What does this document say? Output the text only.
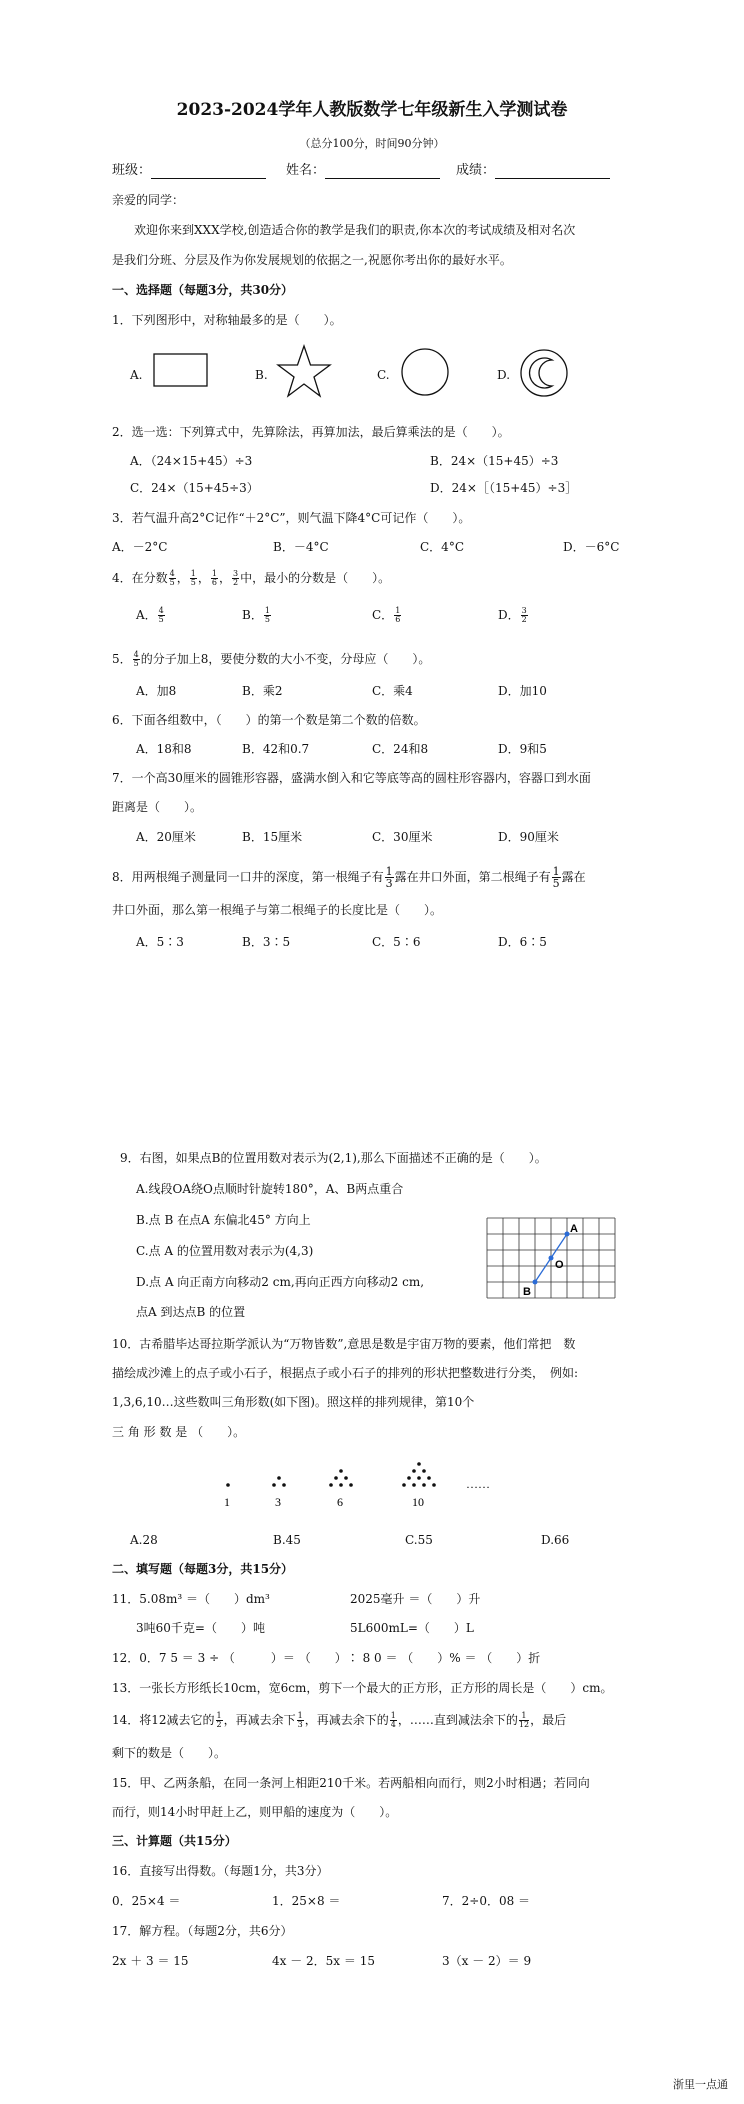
2023-2024学年人教版数学七年级新生入学测试卷
（总分100分，时间90分钟）
班级：	姓名：	成绩：
亲爱的同学：
欢迎你来到XXX学校,创造适合你的教学是我们的职责,你本次的考试成绩及相对名次
是我们分班、分层及作为你发展规划的依据之一,祝愿你考出你的最好水平。
一、选择题（每题3分，共30分）
1．下列图形中，对称轴最多的是（　　）。
A.	B.	C.	D.
2．选一选：下列算式中，先算除法，再算加法，最后算乘法的是（　　）。
A．（24×15+45）÷3	B．24×（15+45）÷3
C．24×（15+45÷3）	D．24×［（15+45）÷3］
3．若气温升高2°C记作“＋2°C”，则气温下降4°C可记作（　　）。
A．－2°C	B．－4°C	C．4°C	D．－6°C
4．在分数 $\frac{4}{5}$ ， $\frac{1}{5}$ ， $\frac{1}{6}$ ， $\frac{3}{2}$ 中，最小的分数是（　　）。
A． $\frac{4}{5}$	B． $\frac{1}{5}$	C． $\frac{1}{6}$	D． $\frac{3}{2}$
5． $\frac{4}{5}$ 的分子加上8，要使分数的大小不变，分母应（　　）。
A．加8	B．乘2	C．乘4	D．加10
6．下面各组数中，（　　）的第一个数是第二个数的倍数。
A．18和8	B．42和0.7	C．24和8	D．9和5
7．一个高30厘米的圆锥形容器，盛满水倒入和它等底等高的圆柱形容器内，容器口到水面
距离是（　　）。
A．20厘米	B．15厘米	C．30厘米	D．90厘米
8．用两根绳子测量同一口井的深度，第一根绳子有 $\frac{1}{3}$ 露在井口外面，第二根绳子有 $\frac{1}{5}$ 露在
井口外面，那么第一根绳子与第二根绳子的长度比是（　　）。
A．5∶3	B．3∶5	C．5∶6	D．6∶5
9．右图，如果点B的位置用数对表示为(2,1),那么下面描述不正确的是（　　）。
A.线段OA绕O点顺时针旋转180°，A、B两点重合
B.点 B 在点A 东偏北45° 方向上
C.点 A 的位置用数对表示为(4,3)
D.点 A 向正南方向移动2 cm,再向正西方向移动2 cm,
点A 到达点B 的位置
A
O
B
10．古希腊毕达哥拉斯学派认为“万物皆数”,意思是数是宇宙万物的要素，他们常把　数
描绘成沙滩上的点子或小石子，根据点子或小石子的排列的形状把整数进行分类，　例如:
1,3,6,10…这些数叫三角形数(如下图)。照这样的排列规律，第10个
三 角 形 数 是 （　　）。
1	3	6	10
……
A.28	B.45	C.55	D.66
二、填写题（每题3分，共15分）
11．5.08m³ ＝（　　）dm³	2025毫升 ＝（　　）升
3吨60千克=（　　）吨	5L600mL=（　　）L
12．0．7 5 ＝ 3 ÷ （　　　）＝ （　　）∶ 8 0 ＝ （　　）% ＝ （　　）折
13．一张长方形纸长10cm，宽6cm，剪下一个最大的正方形，正方形的周长是（　　）cm。
14．将12减去它的 $\frac{1}{2}$ ，再减去余下 $\frac{1}{3}$ ，再减去余下的 $\frac{1}{4}$ ，……直到减法余下的 $\frac{1}{12}$ ，最后
剩下的数是（　　）。
15．甲、乙两条船，在同一条河上相距210千米。若两船相向而行，则2小时相遇；若同向
而行，则14小时甲赶上乙，则甲船的速度为（　　）。
三、计算题（共15分）
16．直接写出得数。（每题1分，共3分）
0．25×4 ＝	1．25×8 ＝	7．2÷0．08 ＝
17．解方程。（每题2分，共6分）
2x ＋ 3 ＝ 15	4x － 2．5x ＝ 15	3（x － 2）＝ 9
浙里一点通
